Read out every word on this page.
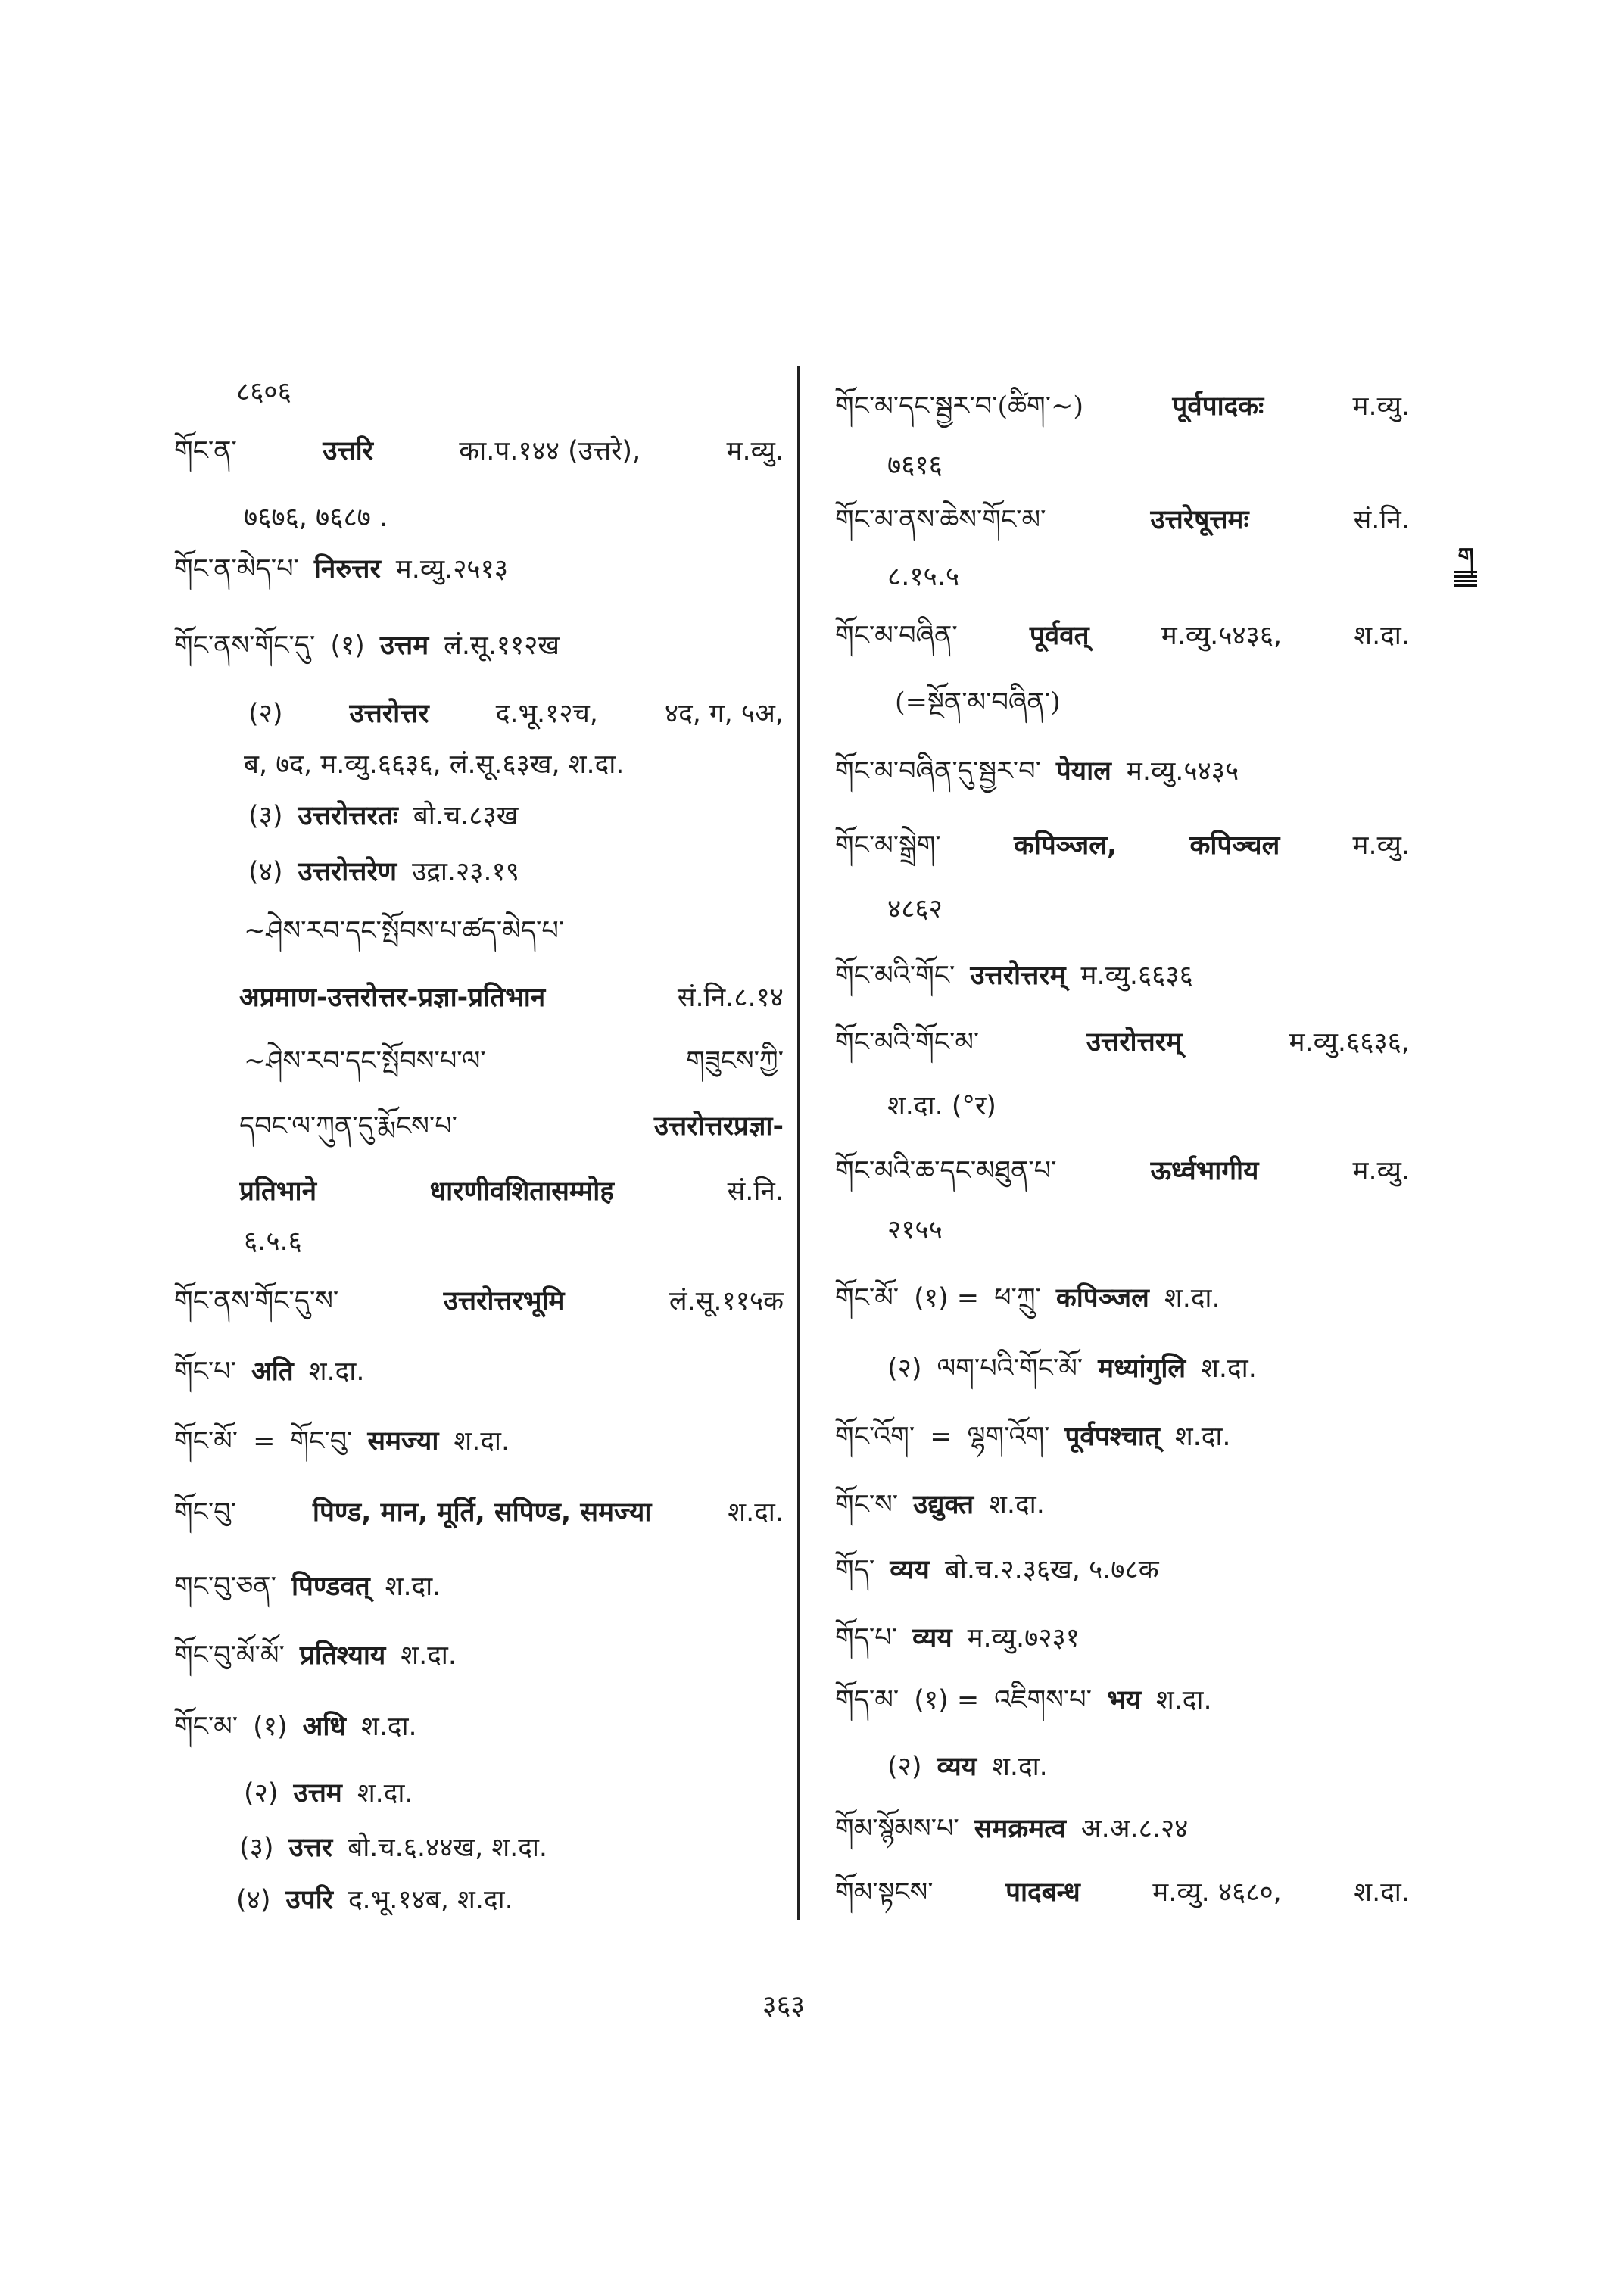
८६०६
གོང་ན་	उत्तरि	का.प.१४४ (उत्तरे),	म.व्यु.
७६७६, ७६८७ .
གོང་ན་མེད་པ་ निरुत्तर म.व्यु.२५१३
གོང་ནས་གོང་དུ་ (१) उत्तम लं.सू.११२ख
(२)	उत्तरोत्तर	द.भू.१२च,	४द, ग, ५अ,
ब, ७द, म.व्यु.६६३६, लं.सू.६३ख, श.दा.
(३) उत्तरोत्तरतः बो.च.८३ख
(४) उत्तरोत्तरेण उद्रा.२३.१९
~ཤེས་རབ་དང་སྤོབས་པ་ཚད་མེད་པ་
अप्रमाण-उत्तरोत्तर-प्रज्ञा-प्रतिभान	सं.नि.८.१४
~ཤེས་རབ་དང་སྤོབས་པ་ལ་	གཟུངས་ཀྱི་
དབང་ལ་ཀུན་དུ་རྨོངས་པ་	उत्तरोत्तरप्रज्ञा-
प्रतिभाने	धारणीवशितासम्मोह	सं.नि.
६.५.६
གོང་ནས་གོང་དུ་ས་	उत्तरोत्तरभूमि	लं.सू.११५क
གོང་པ་ अति श.दा.
གོང་མོ་ = གོང་བུ་ समज्या श.दा.
གོང་བུ་	पिण्ड, मान, मूर्ति, सपिण्ड, समज्या	श.दा.
གང་བུ་ཅན་ पिण्डवत् श.दा.
གོང་བུ་མོ་མོ་ प्रतिश्याय श.दा.
གོང་མ་ (१) अधि श.दा.
(२) उत्तम श.दा.
(३) उत्तर बो.च.६.४४ख, श.दा.
(४) उपरि द.भू.१४ब, श.दा.
གོང་མ་དང་སྦྱར་བ་(ཚིག་~)	पूर्वपादकः	म.व्यु.
७६१६
གོང་མ་ནས་ཆེས་གོང་མ་	उत्तरेषूत्तमः	सं.नि.
८.१५.५
གོང་མ་བཞིན་	पूर्ववत्	म.व्यु.५४३६,	श.दा.
(=སྔོན་མ་བཞིན་)
གོང་མ་བཞིན་དུ་སྦྱར་བ་ पेयाल म.व्यु.५४३५
གོང་མ་སྒྲེག་	कपिञ्जल,	कपिञ्चल	म.व्यु.
४८६२
གོང་མའི་གོང་ उत्तरोत्तरम् म.व्यु.६६३६
གོང་མའི་གོང་མ་	उत्तरोत्तरम्	म.व्यु.६६३६,
श.दा. (°र)
གོང་མའི་ཆ་དང་མཐུན་པ་	ऊर्ध्वभागीय	म.व्यु.
२१५५
གོང་མོ་ (१) = ཕ་ཀྲུ་ कपिञ्जल श.दा.
(२) ལག་པའི་གོང་མོ་ मध्यांगुलि श.दा.
གོང་འོག་ = ལྷག་འོག་ पूर्वपश्चात् श.दा.
གོང་ས་ उद्युक्त श.दा.
གོད་ व्यय बो.च.२.३६ख, ५.७८क
གོད་པ་ व्यय म.व्यु.७२३१
གོད་མ་ (१) = འཇིགས་པ་ भय श.दा.
(२) व्यय श.दा.
གོམ་སྙོམས་པ་ समक्रमत्व अ.अ.८.२४
གོམ་སྟངས་	पादबन्ध	म.व्यु. ४६८०,	श.दा.
ག
३६३
